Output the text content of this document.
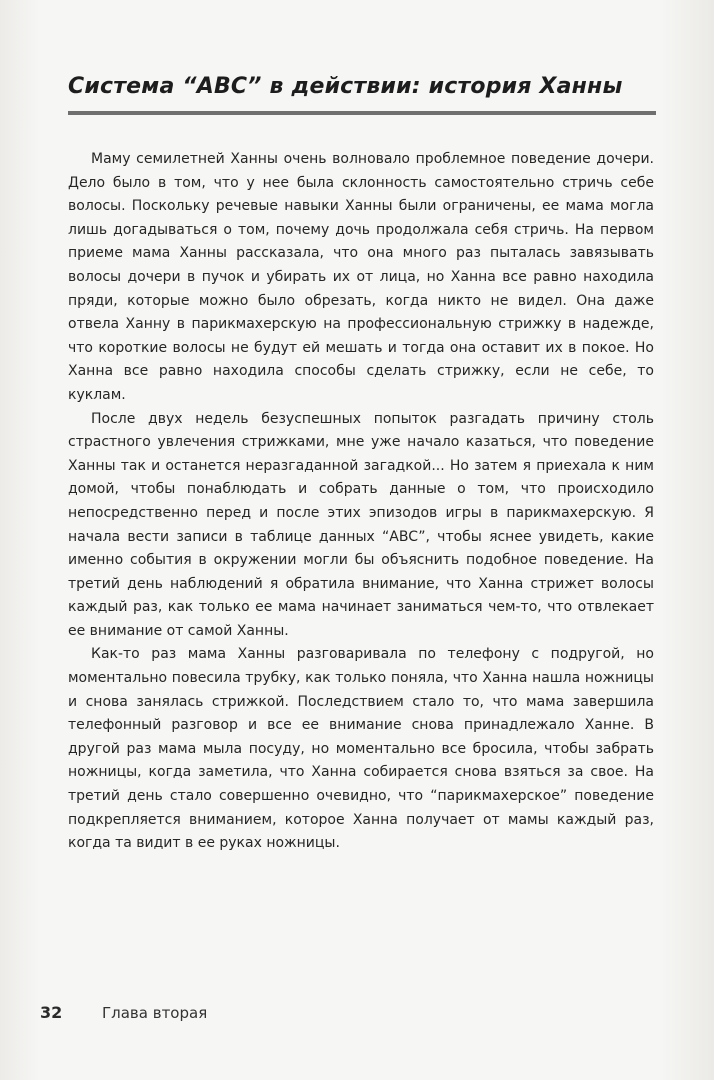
Система “ABC” в действии: история Ханны

Маму семилетней Ханны очень волновало проблемное поведение дочери. Дело было в том, что у нее была склонность самостоятельно стричь себе волосы. Поскольку речевые навыки Ханны были ограничены, ее мама могла лишь догадываться о том, почему дочь продолжала себя стричь. На первом приеме мама Ханны рассказала, что она много раз пыталась завязывать волосы дочери в пучок и убирать их от лица, но Ханна все равно находила пряди, которые можно было обрезать, когда никто не видел. Она даже отвела Ханну в парикмахерскую на профессиональную стрижку в надежде, что короткие волосы не будут ей мешать и тогда она оставит их в покое. Но Ханна все равно находила способы сделать стрижку, если не себе, то куклам.

После двух недель безуспешных попыток разгадать причину столь страстного увлечения стрижками, мне уже начало казаться, что поведение Ханны так и останется неразгаданной загадкой... Но затем я приехала к ним домой, чтобы понаблюдать и собрать данные о том, что происходило непосредственно перед и после этих эпизодов игры в парикмахерскую. Я начала вести записи в таблице данных “ABC”, чтобы яснее увидеть, какие именно события в окружении могли бы объяснить подобное поведение. На третий день наблюдений я обратила внимание, что Ханна стрижет волосы каждый раз, как только ее мама начинает заниматься чем-то, что отвлекает ее внимание от самой Ханны.

Как-то раз мама Ханны разговаривала по телефону с подругой, но моментально повесила трубку, как только поняла, что Ханна нашла ножницы и снова занялась стрижкой. Последствием стало то, что мама завершила телефонный разговор и все ее внимание снова принадлежало Ханне. В другой раз мама мыла посуду, но моментально все бросила, чтобы забрать ножницы, когда заметила, что Ханна собирается снова взяться за свое. На третий день стало совершенно очевидно, что “парикмахерское” поведение подкрепляется вниманием, которое Ханна получает от мамы каждый раз, когда та видит в ее руках ножницы.

32	Глава вторая
